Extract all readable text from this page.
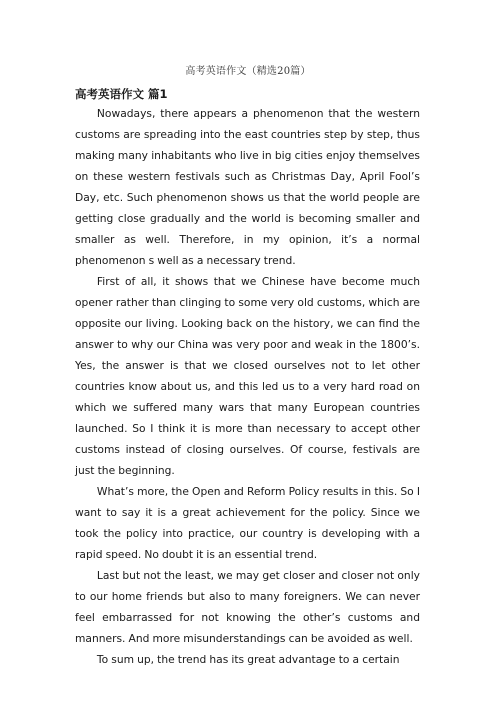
高考英语作文（精选20篇）
高考英语作文 篇1

Nowadays, there appears a phenomenon that the western customs are spreading into the east countries step by step, thus making many inhabitants who live in big cities enjoy themselves on these western festivals such as Christmas Day, April Fool’s Day, etc. Such phenomenon shows us that the world people are getting close gradually and the world is becoming smaller and smaller as well. Therefore, in my opinion, it’s a normal phenomenon s well as a necessary trend.

First of all, it shows that we Chinese have become much opener rather than clinging to some very old customs, which are opposite our living. Looking back on the history, we can find the answer to why our China was very poor and weak in the 1800’s. Yes, the answer is that we closed ourselves not to let other countries know about us, and this led us to a very hard road on which we suffered many wars that many European countries launched. So I think it is more than necessary to accept other customs instead of closing ourselves. Of course, festivals are just the beginning.

What’s more, the Open and Reform Policy results in this. So I want to say it is a great achievement for the policy. Since we took the policy into practice, our country is developing with a rapid speed. No doubt it is an essential trend.

Last but not the least, we may get closer and closer not only to our home friends but also to many foreigners. We can never feel embarrassed for not knowing the other’s customs and manners. And more misunderstandings can be avoided as well.

To sum up, the trend has its great advantage to a certain
